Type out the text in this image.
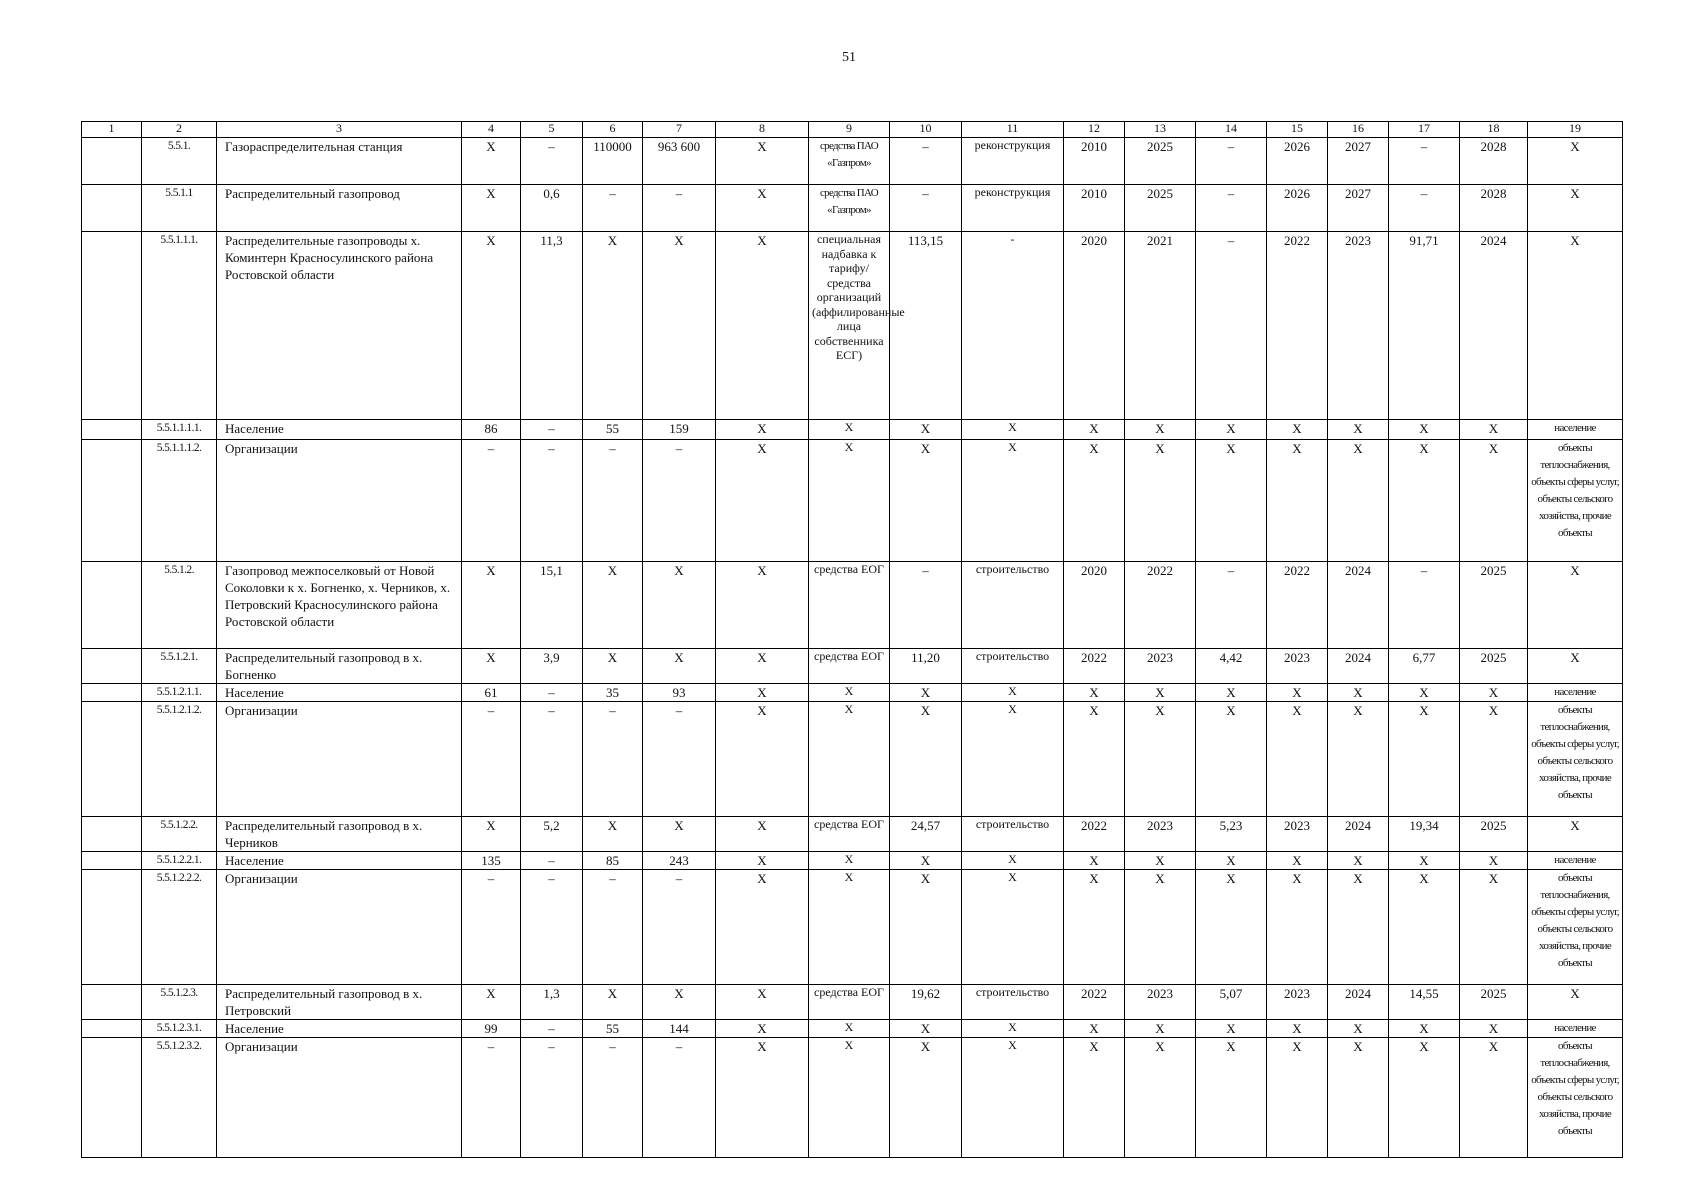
51
1	2	3	4	5	6	7	8	9	10	11	12	13	14	15	16	17	18	19
	5.5.1.	Газораспределительная станция	Х	–	110000	963 600	Х	средства ПАО «Газпром»	–	реконструкция	2010	2025	–	2026	2027	–	2028	Х
	5.5.1.1	Распределительный газопровод	Х	0,6	–	–	Х	средства ПАО «Газпром»	–	реконструкция	2010	2025	–	2026	2027	–	2028	Х
	5.5.1.1.1.	Распределительные газопроводы х. Коминтерн Красносулинского района Ростовской области	Х	11,3	Х	Х	Х	специальная надбавка к тарифу/ средства организаций (аффилированные лица собственника ЕСГ)	113,15	-	2020	2021	–	2022	2023	91,71	2024	Х
	5.5.1.1.1.1.	Население	86	–	55	159	Х	Х	Х	Х	Х	Х	Х	Х	Х	Х	Х	население
	5.5.1.1.1.2.	Организации	–	–	–	–	Х	Х	Х	Х	Х	Х	Х	Х	Х	Х	Х	объекты теплоснабжения, объекты сферы услуг, объекты сельского хозяйства, прочие объекты
	5.5.1.2.	Газопровод межпоселковый от Новой Соколовки к х. Богненко, х. Черников, х. Петровский Красносулинского района Ростовской области	Х	15,1	Х	Х	Х	средства ЕОГ	–	строительство	2020	2022	–	2022	2024	–	2025	Х
	5.5.1.2.1.	Распределительный газопровод в х. Богненко	Х	3,9	Х	Х	Х	средства ЕОГ	11,20	строительство	2022	2023	4,42	2023	2024	6,77	2025	Х
	5.5.1.2.1.1.	Население	61	–	35	93	Х	Х	Х	Х	Х	Х	Х	Х	Х	Х	Х	население
	5.5.1.2.1.2.	Организации	–	–	–	–	Х	Х	Х	Х	Х	Х	Х	Х	Х	Х	Х	объекты теплоснабжения, объекты сферы услуг, объекты сельского хозяйства, прочие объекты
	5.5.1.2.2.	Распределительный газопровод в х. Черников	Х	5,2	Х	Х	Х	средства ЕОГ	24,57	строительство	2022	2023	5,23	2023	2024	19,34	2025	Х
	5.5.1.2.2.1.	Население	135	–	85	243	Х	Х	Х	Х	Х	Х	Х	Х	Х	Х	Х	население
	5.5.1.2.2.2.	Организации	–	–	–	–	Х	Х	Х	Х	Х	Х	Х	Х	Х	Х	Х	объекты теплоснабжения, объекты сферы услуг, объекты сельского хозяйства, прочие объекты
	5.5.1.2.3.	Распределительный газопровод в х. Петровский	Х	1,3	Х	Х	Х	средства ЕОГ	19,62	строительство	2022	2023	5,07	2023	2024	14,55	2025	Х
	5.5.1.2.3.1.	Население	99	–	55	144	Х	Х	Х	Х	Х	Х	Х	Х	Х	Х	Х	население
	5.5.1.2.3.2.	Организации	–	–	–	–	Х	Х	Х	Х	Х	Х	Х	Х	Х	Х	Х	объекты теплоснабжения, объекты сферы услуг, объекты сельского хозяйства, прочие объекты
